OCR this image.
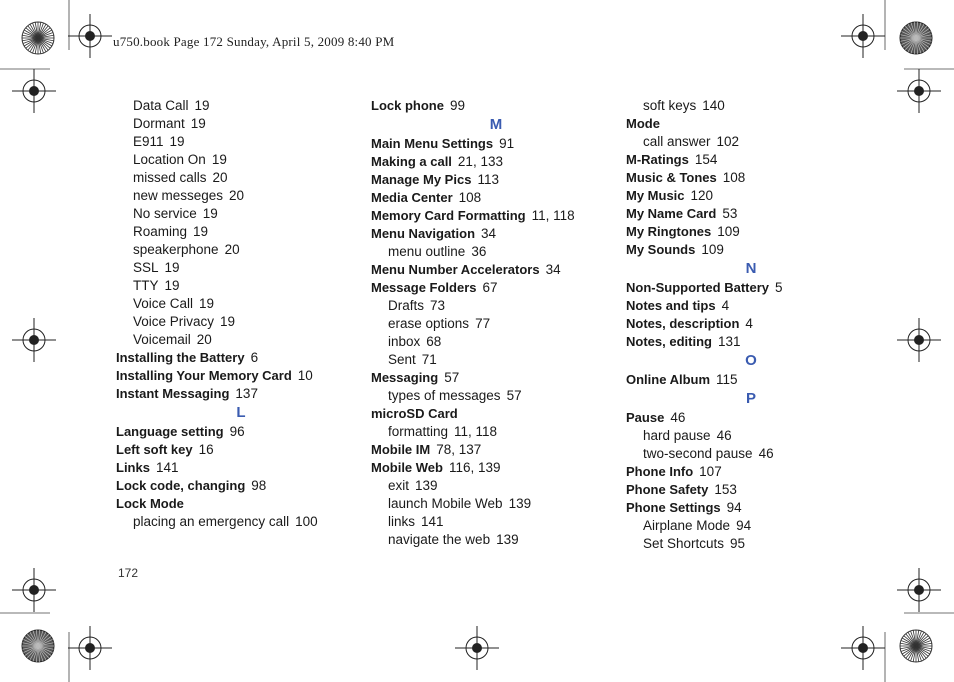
u750.book Page 172 Sunday, April 5, 2009 8:40 PM
Data Call 19
Dormant 19
E911 19
Location On 19
missed calls 20
new messeges 20
No service 19
Roaming 19
speakerphone 20
SSL 19
TTY 19
Voice Call 19
Voice Privacy 19
Voicemail 20
Installing the Battery 6
Installing Your Memory Card 10
Instant Messaging 137
L
Language setting 96
Left soft key 16
Links 141
Lock code, changing 98
Lock Mode
placing an emergency call 100
Lock phone 99
M
Main Menu Settings 91
Making a call 21, 133
Manage My Pics 113
Media Center 108
Memory Card Formatting 11, 118
Menu Navigation 34
menu outline 36
Menu Number Accelerators 34
Message Folders 67
Drafts 73
erase options 77
inbox 68
Sent 71
Messaging 57
types of messages 57
microSD Card
formatting 11, 118
Mobile IM 78, 137
Mobile Web 116, 139
exit 139
launch Mobile Web 139
links 141
navigate the web 139
soft keys 140
Mode
call answer 102
M-Ratings 154
Music & Tones 108
My Music 120
My Name Card 53
My Ringtones 109
My Sounds 109
N
Non-Supported Battery 5
Notes and tips 4
Notes, description 4
Notes, editing 131
O
Online Album 115
P
Pause 46
hard pause 46
two-second pause 46
Phone Info 107
Phone Safety 153
Phone Settings 94
Airplane Mode 94
Set Shortcuts 95
172
